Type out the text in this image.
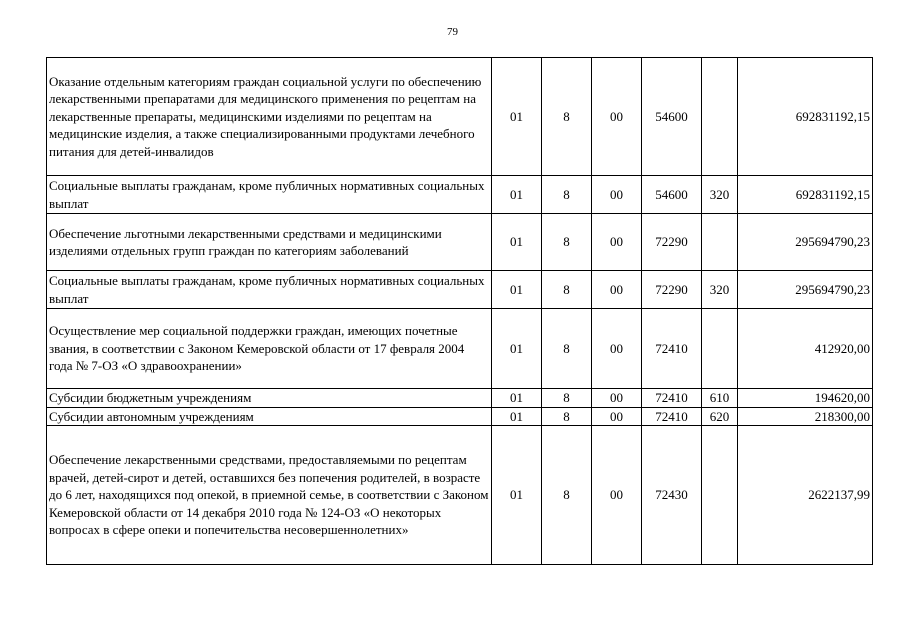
79
Оказание отдельным категориям граждан социальной услуги по обеспечению лекарственными препаратами для медицинского применения по рецептам на лекарственные препараты, медицинскими изделиями по рецептам на медицинские изделия, а также специализированными продуктами лечебного питания для детей-инвалидов	01	8	00	54600		692831192,15
Социальные выплаты гражданам, кроме публичных нормативных социальных выплат	01	8	00	54600	320	692831192,15
Обеспечение льготными лекарственными средствами и медицинскими изделиями отдельных групп граждан по категориям заболеваний	01	8	00	72290		295694790,23
Социальные выплаты гражданам, кроме публичных нормативных социальных выплат	01	8	00	72290	320	295694790,23
Осуществление мер социальной поддержки граждан, имеющих почетные звания, в соответствии с Законом Кемеровской области от 17 февраля 2004 года № 7-ОЗ «О здравоохранении»	01	8	00	72410		412920,00
Субсидии бюджетным учреждениям	01	8	00	72410	610	194620,00
Субсидии автономным учреждениям	01	8	00	72410	620	218300,00
Обеспечение лекарственными средствами, предоставляемыми по рецептам врачей, детей-сирот и детей, оставшихся без попечения родителей, в возрасте до 6 лет, находящихся под опекой, в приемной семье, в соответствии с Законом Кемеровской области от 14 декабря 2010 года № 124-ОЗ «О некоторых вопросах в сфере опеки и попечительства несовершеннолетних»	01	8	00	72430		2622137,99
